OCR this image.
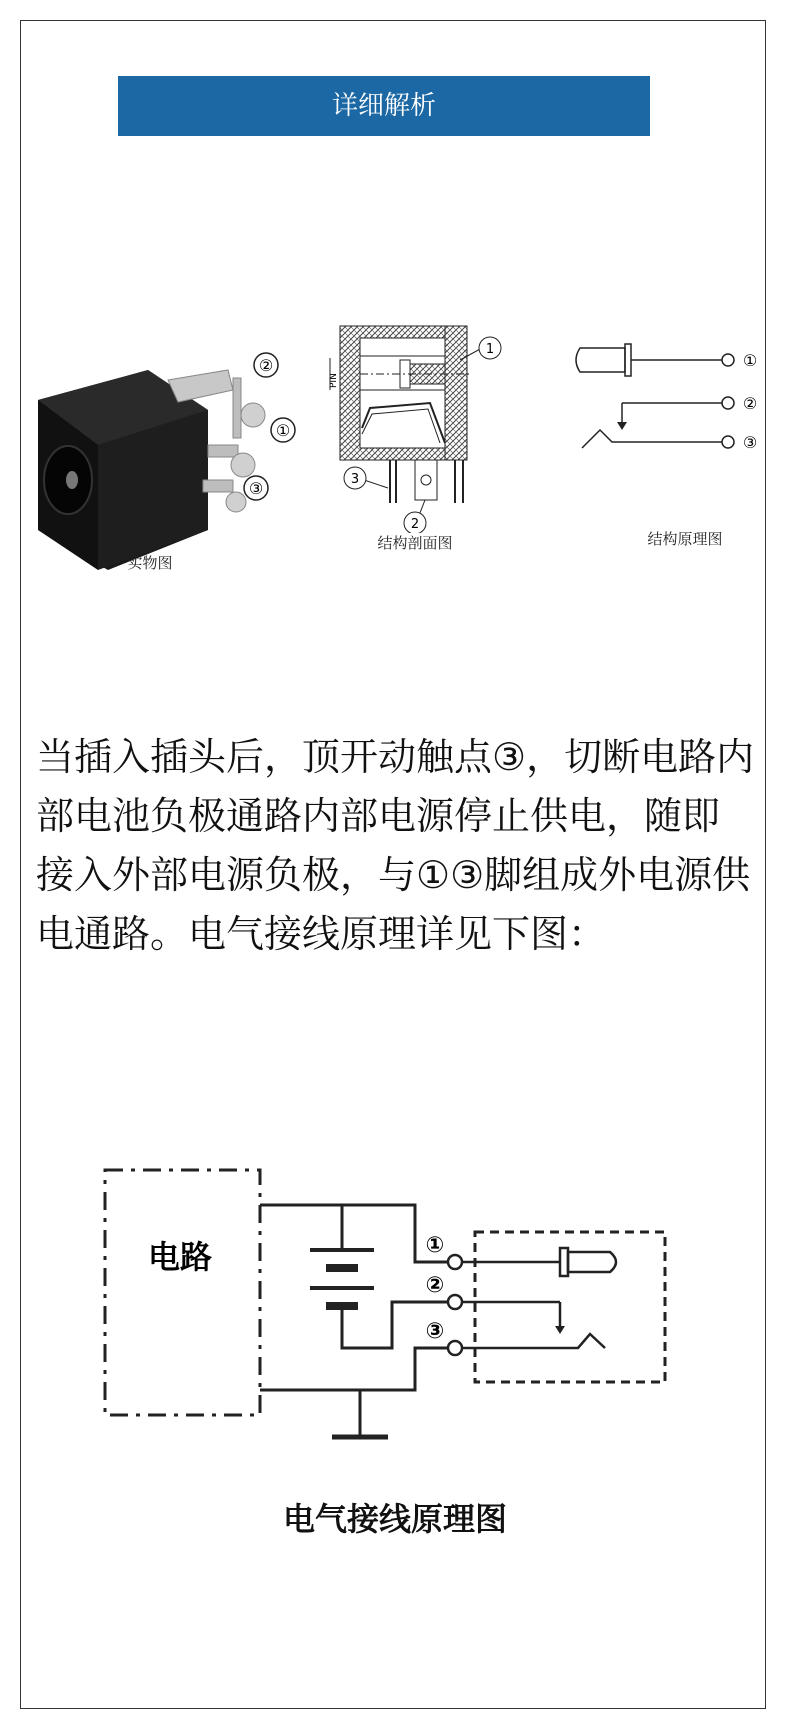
详细解析
②
①
③
实物图
PIN
1
2
3
结构剖面图
①
②
③
结构原理图

当插入插头后，顶开动触点③，切断电路内部电池负极通路内部电源停止供电，随即接入外部电源负极，与①③脚组成外电源供电通路。电气接线原理详见下图：

电路	①
②
③
电气接线原理图
